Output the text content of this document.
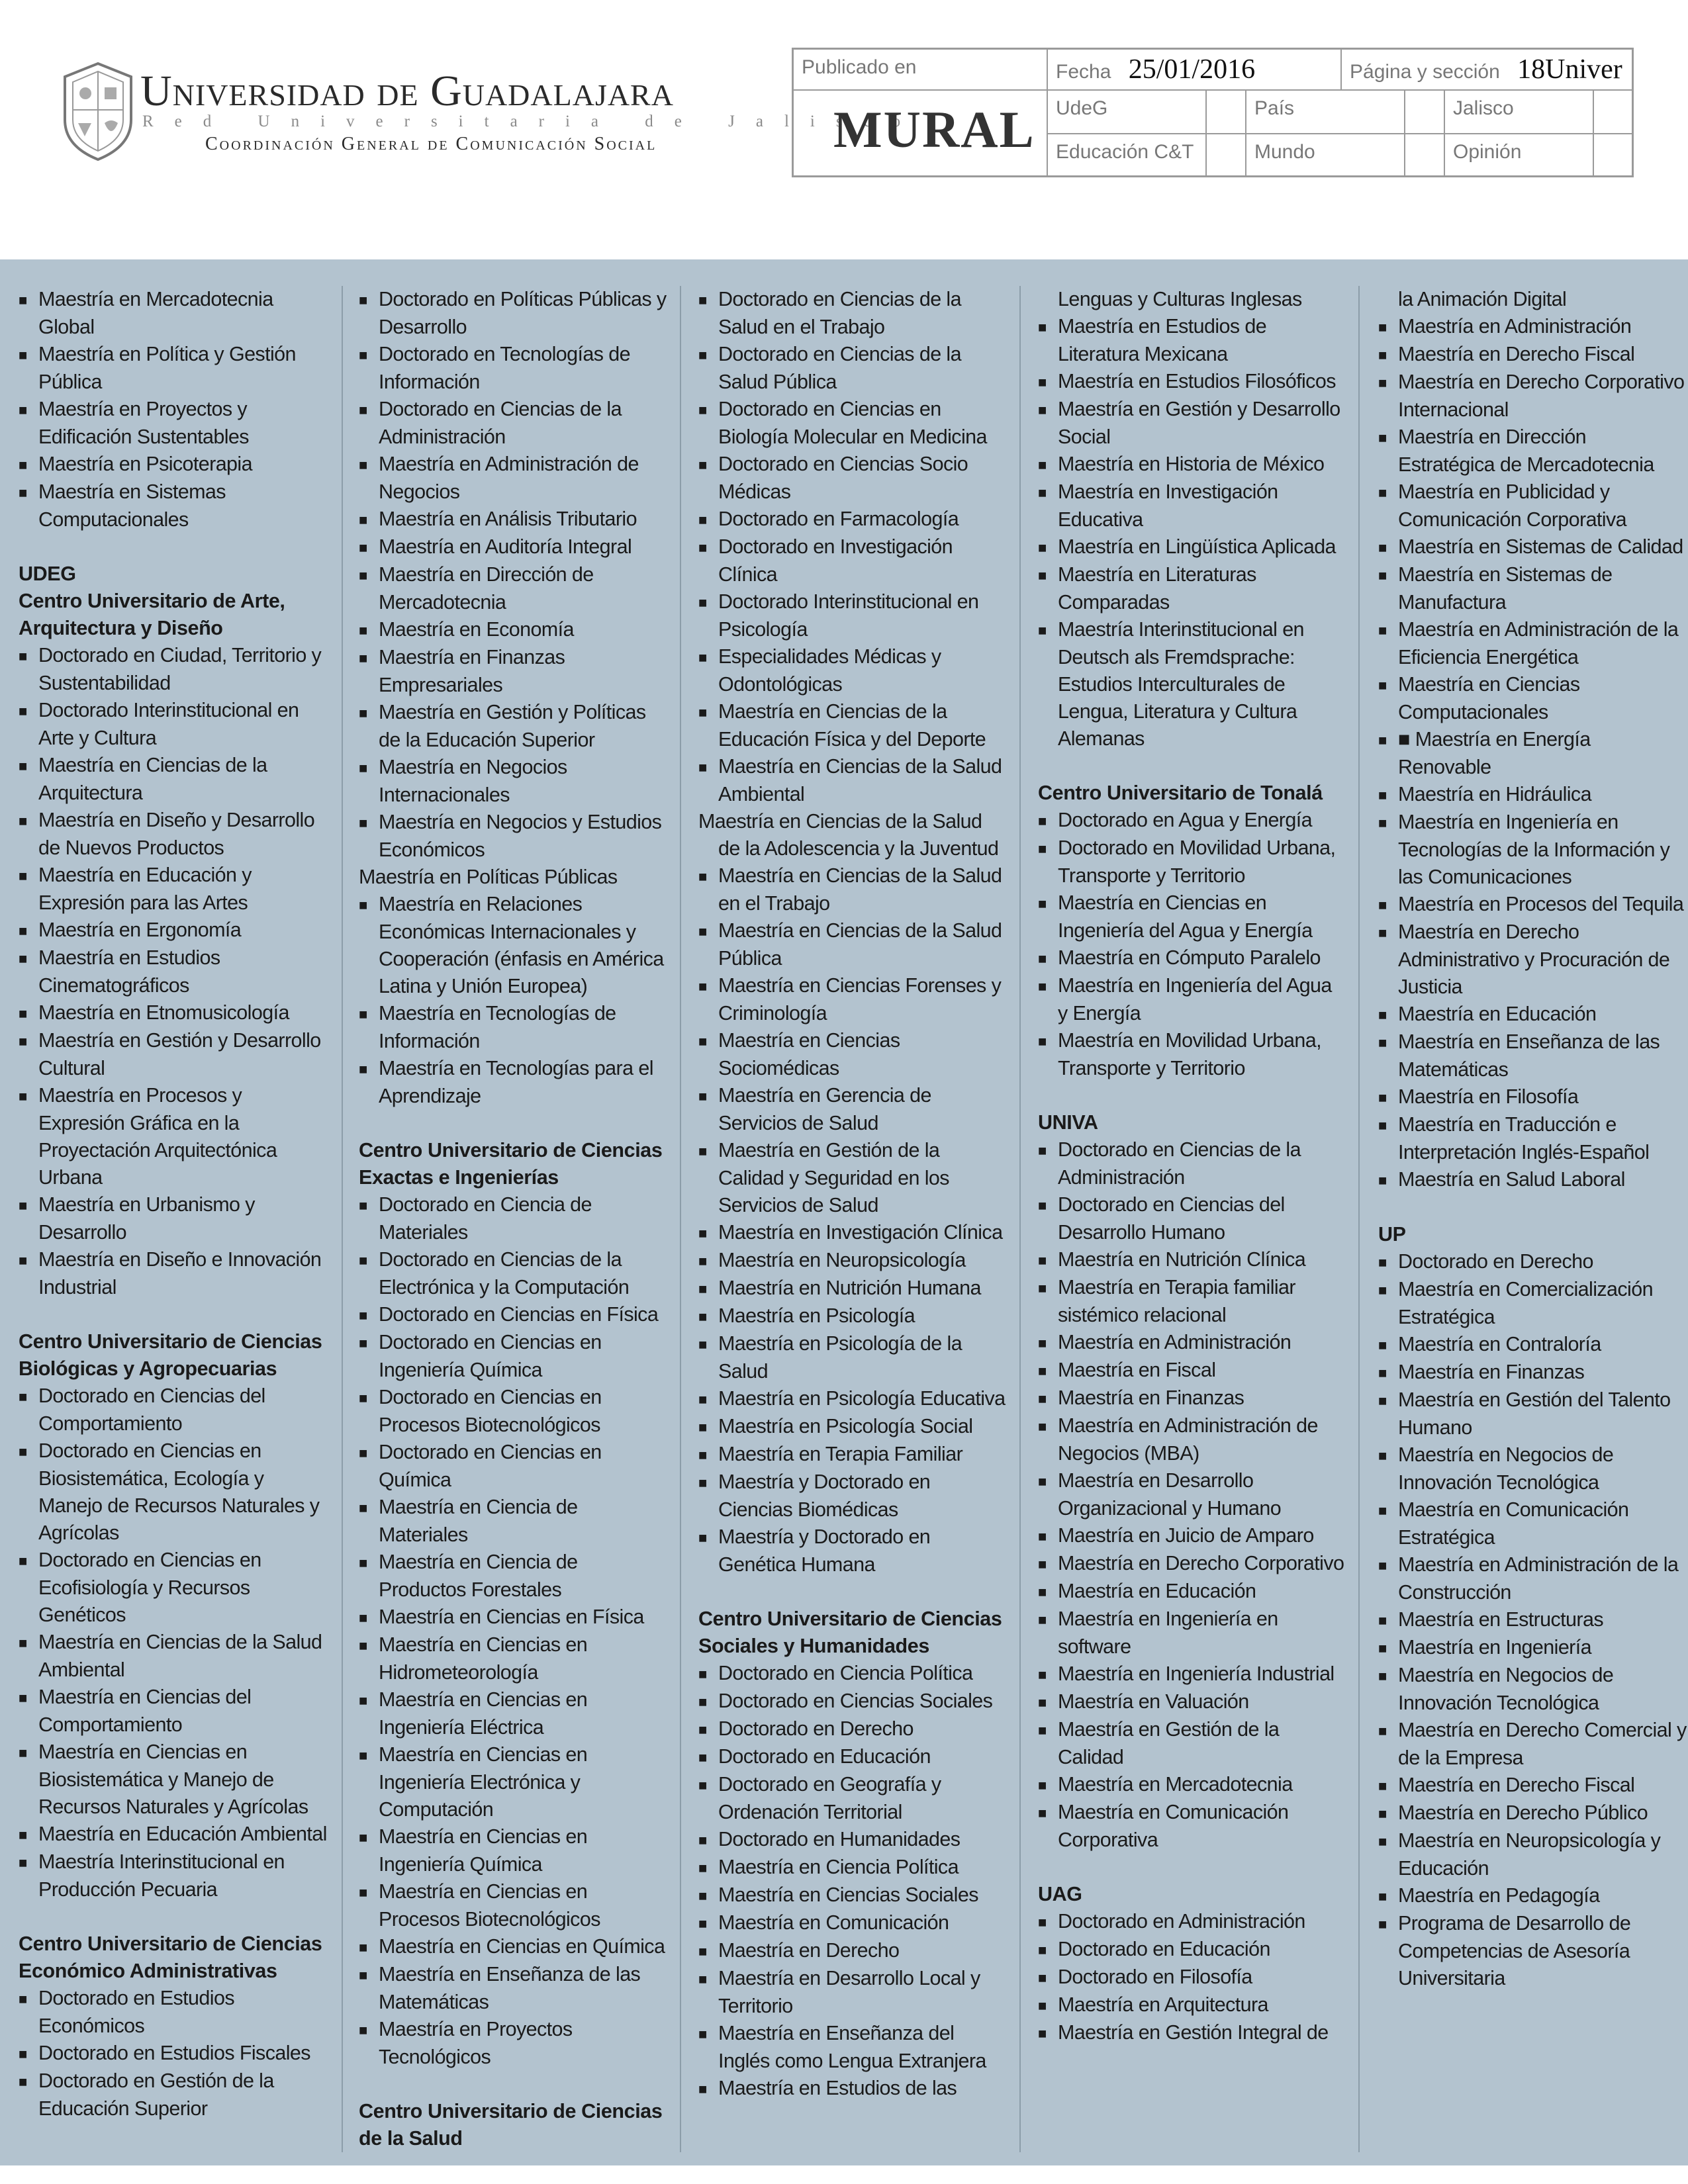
Universidad de Guadalajara
Red Universitaria de Jalisco
Coordinación General de Comunicación Social
Publicado en
MURAL
Fecha 25/01/2016	Página y sección 18Univer
UdeG	País	Jalisco
Educación C&T	Mundo	Opinión
■ Maestría en Mercadotecnia Global
■ Maestría en Política y Gestión Pública
■ Maestría en Proyectos y Edificación Sustentables
■ Maestría en Psicoterapia
■ Maestría en Sistemas Computacionales
UDEG
Centro Universitario de Arte, Arquitectura y Diseño
■ Doctorado en Ciudad, Territorio y Sustentabilidad
■ Doctorado Interinstitucional en Arte y Cultura
■ Maestría en Ciencias de la Arquitectura
■ Maestría en Diseño y Desarrollo de Nuevos Productos
■ Maestría en Educación y Expresión para las Artes
■ Maestría en Ergonomía
■ Maestría en Estudios Cinematográficos
■ Maestría en Etnomusicología
■ Maestría en Gestión y Desarrollo Cultural
■ Maestría en Procesos y Expresión Gráfica en la Proyectación Arquitectónica Urbana
■ Maestría en Urbanismo y Desarrollo
■ Maestría en Diseño e Innovación Industrial
Centro Universitario de Ciencias Biológicas y Agropecuarias
■ Doctorado en Ciencias del Comportamiento
■ Doctorado en Ciencias en Biosistemática, Ecología y Manejo de Recursos Naturales y Agrícolas
■ Doctorado en Ciencias en Ecofisiología y Recursos Genéticos
■ Maestría en Ciencias de la Salud Ambiental
■ Maestría en Ciencias del Comportamiento
■ Maestría en Ciencias en Biosistemática y Manejo de Recursos Naturales y Agrícolas
■ Maestría en Educación Ambiental
■ Maestría Interinstitucional en Producción Pecuaria
Centro Universitario de Ciencias Económico Administrativas
■ Doctorado en Estudios Económicos
■ Doctorado en Estudios Fiscales
■ Doctorado en Gestión de la Educación Superior
■ Doctorado en Políticas Públicas y Desarrollo
■ Doctorado en Tecnologías de Información
■ Doctorado en Ciencias de la Administración
■ Maestría en Administración de Negocios
■ Maestría en Análisis Tributario
■ Maestría en Auditoría Integral
■ Maestría en Dirección de Mercadotecnia
■ Maestría en Economía
■ Maestría en Finanzas Empresariales
■ Maestría en Gestión y Políticas de la Educación Superior
■ Maestría en Negocios Internacionales
■ Maestría en Negocios y Estudios Económicos
Maestría en Políticas Públicas
■ Maestría en Relaciones Económicas Internacionales y Cooperación (énfasis en América Latina y Unión Europea)
■ Maestría en Tecnologías de Información
■ Maestría en Tecnologías para el Aprendizaje
Centro Universitario de Ciencias Exactas e Ingenierías
■ Doctorado en Ciencia de Materiales
■ Doctorado en Ciencias de la Electrónica y la Computación
■ Doctorado en Ciencias en Física
■ Doctorado en Ciencias en Ingeniería Química
■ Doctorado en Ciencias en Procesos Biotecnológicos
■ Doctorado en Ciencias en Química
■ Maestría en Ciencia de Materiales
■ Maestría en Ciencia de Productos Forestales
■ Maestría en Ciencias en Física
■ Maestría en Ciencias en Hidrometeorología
■ Maestría en Ciencias en Ingeniería Eléctrica
■ Maestría en Ciencias en Ingeniería Electrónica y Computación
■ Maestría en Ciencias en Ingeniería Química
■ Maestría en Ciencias en Procesos Biotecnológicos
■ Maestría en Ciencias en Química
■ Maestría en Enseñanza de las Matemáticas
■ Maestría en Proyectos Tecnológicos
Centro Universitario de Ciencias de la Salud
■ Doctorado en Ciencias de la Salud en el Trabajo
■ Doctorado en Ciencias de la Salud Pública
■ Doctorado en Ciencias en Biología Molecular en Medicina
■ Doctorado en Ciencias Socio Médicas
■ Doctorado en Farmacología
■ Doctorado en Investigación Clínica
■ Doctorado Interinstitucional en Psicología
■ Especialidades Médicas y Odontológicas
■ Maestría en Ciencias de la Educación Física y del Deporte
■ Maestría en Ciencias de la Salud Ambiental
Maestría en Ciencias de la Salud
de la Adolescencia y la Juventud
■ Maestría en Ciencias de la Salud en el Trabajo
■ Maestría en Ciencias de la Salud Pública
■ Maestría en Ciencias Forenses y Criminología
■ Maestría en Ciencias Sociomédicas
■ Maestría en Gerencia de Servicios de Salud
■ Maestría en Gestión de la Calidad y Seguridad en los Servicios de Salud
■ Maestría en Investigación Clínica
■ Maestría en Neuropsicología
■ Maestría en Nutrición Humana
■ Maestría en Psicología
■ Maestría en Psicología de la Salud
■ Maestría en Psicología Educativa
■ Maestría en Psicología Social
■ Maestría en Terapia Familiar
■ Maestría y Doctorado en Ciencias Biomédicas
■ Maestría y Doctorado en Genética Humana
Centro Universitario de Ciencias Sociales y Humanidades
■ Doctorado en Ciencia Política
■ Doctorado en Ciencias Sociales
■ Doctorado en Derecho
■ Doctorado en Educación
■ Doctorado en Geografía y Ordenación Territorial
■ Doctorado en Humanidades
■ Maestría en Ciencia Política
■ Maestría en Ciencias Sociales
■ Maestría en Comunicación
■ Maestría en Derecho
■ Maestría en Desarrollo Local y Territorio
■ Maestría en Enseñanza del Inglés como Lengua Extranjera
■ Maestría en Estudios de las
Lenguas y Culturas Inglesas
■ Maestría en Estudios de Literatura Mexicana
■ Maestría en Estudios Filosóficos
■ Maestría en Gestión y Desarrollo Social
■ Maestría en Historia de México
■ Maestría en Investigación Educativa
■ Maestría en Lingüística Aplicada
■ Maestría en Literaturas Comparadas
■ Maestría Interinstitucional en Deutsch als Fremdsprache: Estudios Interculturales de Lengua, Literatura y Cultura Alemanas
Centro Universitario de Tonalá
■ Doctorado en Agua y Energía
■ Doctorado en Movilidad Urbana, Transporte y Territorio
■ Maestría en Ciencias en Ingeniería del Agua y Energía
■ Maestría en Cómputo Paralelo
■ Maestría en Ingeniería del Agua y Energía
■ Maestría en Movilidad Urbana, Transporte y Territorio
UNIVA
■ Doctorado en Ciencias de la Administración
■ Doctorado en Ciencias del Desarrollo Humano
■ Maestría en Nutrición Clínica
■ Maestría en Terapia familiar sistémico relacional
■ Maestría en Administración
■ Maestría en Fiscal
■ Maestría en Finanzas
■ Maestría en Administración de Negocios (MBA)
■ Maestría en Desarrollo Organizacional y Humano
■ Maestría en Juicio de Amparo
■ Maestría en Derecho Corporativo
■ Maestría en Educación
■ Maestría en Ingeniería en software
■ Maestría en Ingeniería Industrial
■ Maestría en Valuación
■ Maestría en Gestión de la Calidad
■ Maestría en Mercadotecnia
■ Maestría en Comunicación Corporativa
UAG
■ Doctorado en Administración
■ Doctorado en Educación
■ Doctorado en Filosofía
■ Maestría en Arquitectura
■ Maestría en Gestión Integral de
la Animación Digital
■ Maestría en Administración
■ Maestría en Derecho Fiscal
■ Maestría en Derecho Corporativo Internacional
■ Maestría en Dirección Estratégica de Mercadotecnia
■ Maestría en Publicidad y Comunicación Corporativa
■ Maestría en Sistemas de Calidad
■ Maestría en Sistemas de Manufactura
■ Maestría en Administración de la Eficiencia Energética
■ Maestría en Ciencias Computacionales
■ ■ Maestría en Energía Renovable
■ Maestría en Hidráulica
■ Maestría en Ingeniería en Tecnologías de la Información y las Comunicaciones
■ Maestría en Procesos del Tequila
■ Maestría en Derecho Administrativo y Procuración de Justicia
■ Maestría en Educación
■ Maestría en Enseñanza de las Matemáticas
■ Maestría en Filosofía
■ Maestría en Traducción e Interpretación Inglés-Español
■ Maestría en Salud Laboral
UP
■ Doctorado en Derecho
■ Maestría en Comercialización Estratégica
■ Maestría en Contraloría
■ Maestría en Finanzas
■ Maestría en Gestión del Talento Humano
■ Maestría en Negocios de Innovación Tecnológica
■ Maestría en Comunicación Estratégica
■ Maestría en Administración de la Construcción
■ Maestría en Estructuras
■ Maestría en Ingeniería
■ Maestría en Negocios de Innovación Tecnológica
■ Maestría en Derecho Comercial y de la Empresa
■ Maestría en Derecho Fiscal
■ Maestría en Derecho Público
■ Maestría en Neuropsicología y Educación
■ Maestría en Pedagogía
■ Programa de Desarrollo de Competencias de Asesoría Universitaria
